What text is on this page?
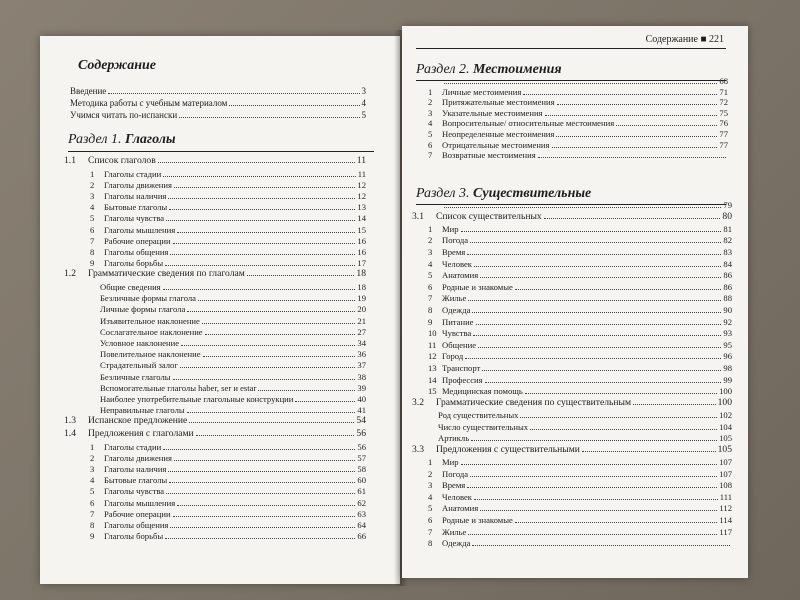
Содержание
Введение	3
Методика работы с учебным материалом	4
Учимся читать по-испански	5
Раздел 1. Глаголы
1.1	Список глаголов	11
1	Глаголы стадии	11
2	Глаголы движения	12
3	Глаголы наличия	12
4	Бытовые глаголы	13
5	Глаголы чувства	14
6	Глаголы мышления	15
7	Рабочие операции	16
8	Глаголы общения	16
9	Глаголы борьбы	17
1.2	Грамматические сведения по глаголам	18
Общие сведения	18
Безличные формы глагола	19
Личные формы глагола	20
Изъявительное наклонение	21
Сослагательное наклонение	27
Условное наклонение	34
Повелительное наклонение	36
Страдательный залог	37
Безличные глаголы	38
Вспомогательные глаголы haber, ser и estar	39
Наиболее употребительные глагольные конструкции	40
Неправильные глаголы	41
1.3	Испанское предложение	54
1.4	Предложения с глаголами	56
1	Глаголы стадии	56
2	Глаголы движения	57
3	Глаголы наличия	58
4	Бытовые глаголы	60
5	Глаголы чувства	61
6	Глаголы мышления	62
7	Рабочие операции	63
8	Глаголы общения	64
9	Глаголы борьбы	66
Содержание ■ 221
Раздел 2. Местоимения
68
1	Личные местоимения	71
2	Притяжательные местоимения	72
3	Указательные местоимения	75
4	Вопросительные/ относительные местоимения	76
5	Неопределенные местоимения	77
6	Отрицательные местоимения	77
7	Возвратные местоимения
Раздел 3. Существительные
79
3.1	Список существительных	80
1	Мир	81
2	Погода	82
3	Время	83
4	Человек	84
5	Анатомия	86
6	Родные и знакомые	86
7	Жилье	88
8	Одежда	90
9	Питание	92
10 Чувства	93
11 Общение	95
12 Город	96
13 Транспорт	98
14 Профессия	99
15 Медицинская помощь	100
3.2	Грамматические сведения по существительным	100
Род существительных	102
Число существительных	104
Артикль	105
3.3	Предложения с существительными	105
1	Мир	107
2	Погода	107
3	Время	108
4	Человек	111
5	Анатомия	112
6	Родные и знакомые	114
7	Жилье	117
8	Одежда
